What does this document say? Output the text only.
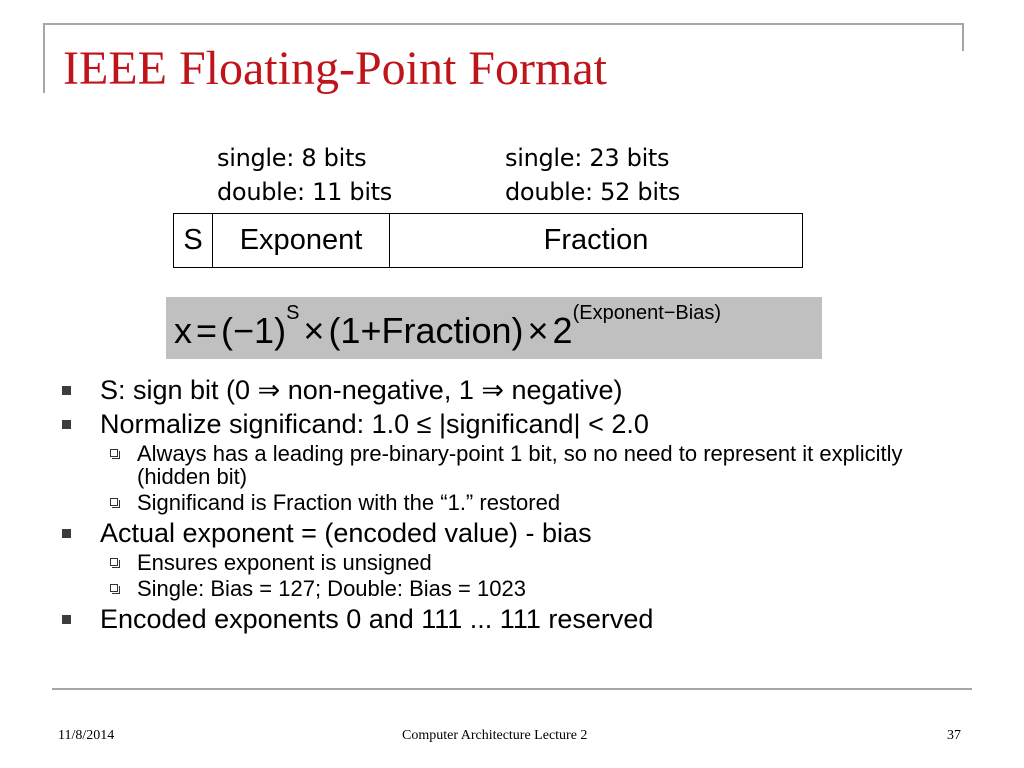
IEEE Floating-Point Format
single: 8 bits
double: 11 bits
single: 23 bits
double: 52 bits
S	Exponent	Fraction
x = (−1) S × (1+Fraction) × 2 (Exponent−Bias)
S: sign bit (0 ⇒ non-negative, 1 ⇒ negative)
Normalize significand: 1.0 ≤ |significand| < 2.0
Always has a leading pre-binary-point 1 bit, so no need to represent it explicitly (hidden bit)
Significand is Fraction with the “1.” restored
Actual exponent = (encoded value) - bias
Ensures exponent is unsigned
Single: Bias = 127; Double: Bias = 1023
Encoded exponents 0 and 111 ... 111 reserved
11/8/2014	Computer Architecture Lecture 2	37
